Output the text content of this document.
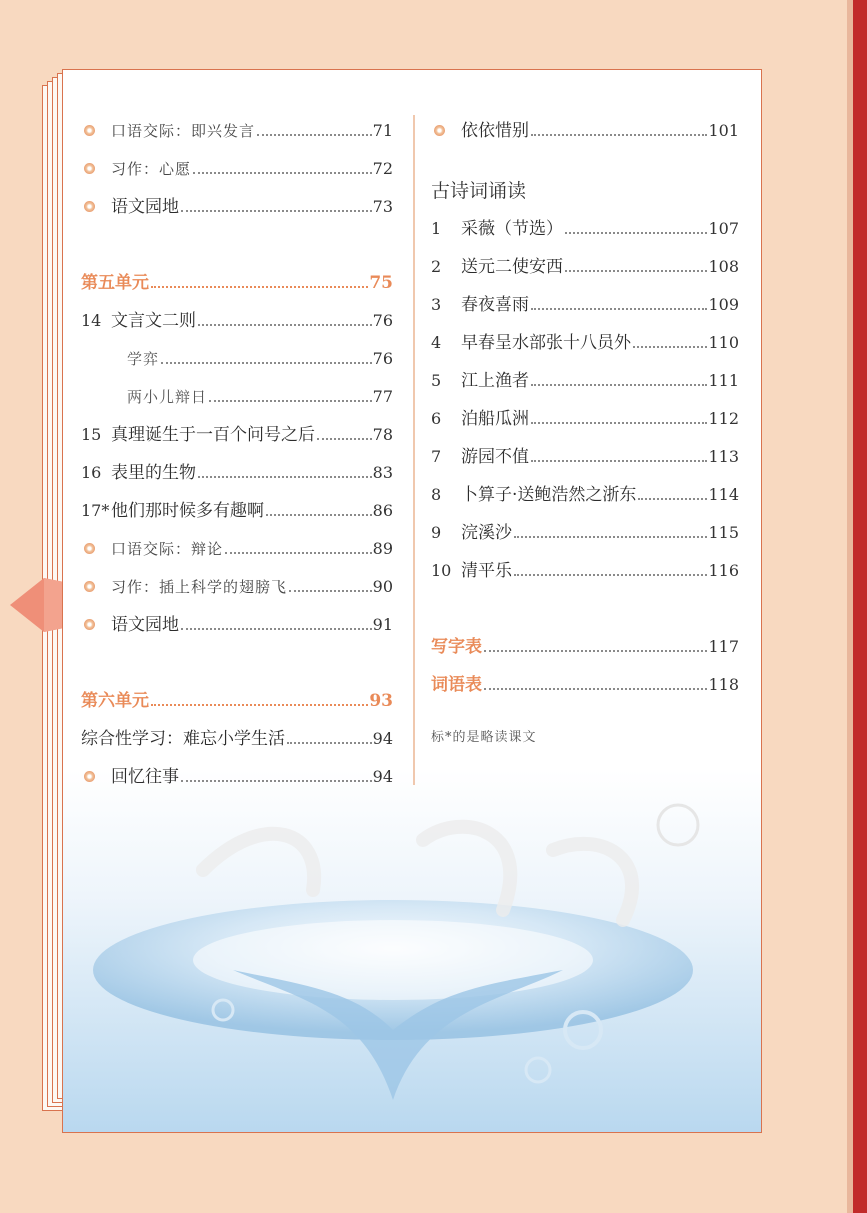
口语交际：即兴发言	71
习作：心愿	72
语文园地	73
第五单元	75
14 文言文二则	76
学弈	76
两小儿辩日	77
15 真理诞生于一百个问号之后	78
16 表里的生物	83
17* 他们那时候多有趣啊	86
口语交际：辩论	89
习作：插上科学的翅膀飞	90
语文园地	91
第六单元	93
综合性学习：难忘小学生活	94
回忆往事	94
依依惜别	101
古诗词诵读
1	采薇（节选）	107
2	送元二使安西	108
3	春夜喜雨	109
4	早春呈水部张十八员外	110
5	江上渔者	111
6	泊船瓜洲	112
7	游园不值	113
8	卜算子·送鲍浩然之浙东	114
9	浣溪沙	115
10 清平乐	116
写字表	117
词语表	118
标*的是略读课文
